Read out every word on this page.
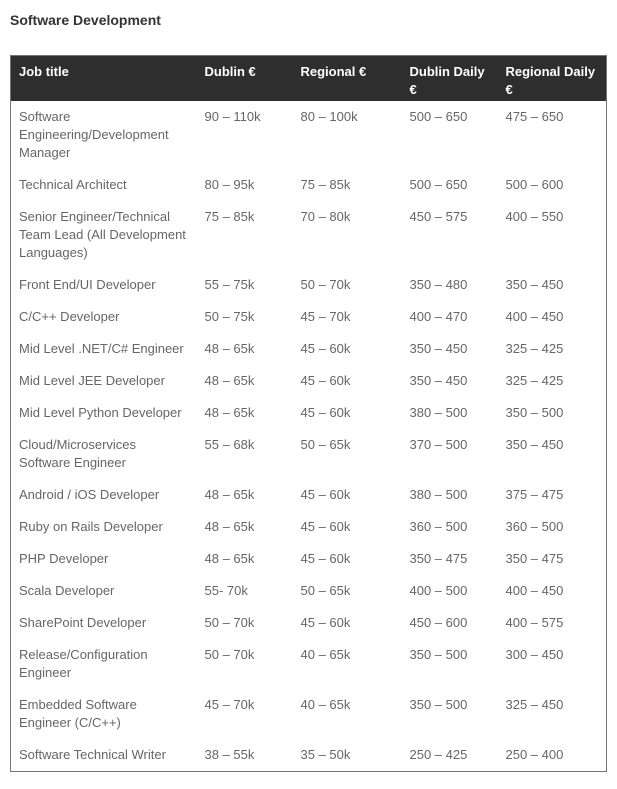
Software Development
Job title	Dublin €	Regional €	Dublin Daily €	Regional Daily €
Software Engineering/Development Manager	90 – 110k	80 – 100k	500 – 650	475 – 650
Technical Architect	80 – 95k	75 – 85k	500 – 650	500 – 600
Senior Engineer/Technical Team Lead (All Development Languages)	75 – 85k	70 – 80k	450 – 575	400 – 550
Front End/UI Developer	55 – 75k	50 – 70k	350 – 480	350 – 450
C/C++ Developer	50 – 75k	45 – 70k	400 – 470	400 – 450
Mid Level .NET/C# Engineer	48 – 65k	45 – 60k	350 – 450	325 – 425
Mid Level JEE Developer	48 – 65k	45 – 60k	350 – 450	325 – 425
Mid Level Python Developer	48 – 65k	45 – 60k	380 – 500	350 – 500
Cloud/Microservices Software Engineer	55 – 68k	50 – 65k	370 – 500	350 – 450
Android / iOS Developer	48 – 65k	45 – 60k	380 – 500	375 – 475
Ruby on Rails Developer	48 – 65k	45 – 60k	360 – 500	360 – 500
PHP Developer	48 – 65k	45 – 60k	350 – 475	350 – 475
Scala Developer	55- 70k	50 – 65k	400 – 500	400 – 450
SharePoint Developer	50 – 70k	45 – 60k	450 – 600	400 – 575
Release/Configuration Engineer	50 – 70k	40 – 65k	350 – 500	300 – 450
Embedded Software Engineer (C/C++)	45 – 70k	40 – 65k	350 – 500	325 – 450
Software Technical Writer	38 – 55k	35 – 50k	250 – 425	250 – 400
